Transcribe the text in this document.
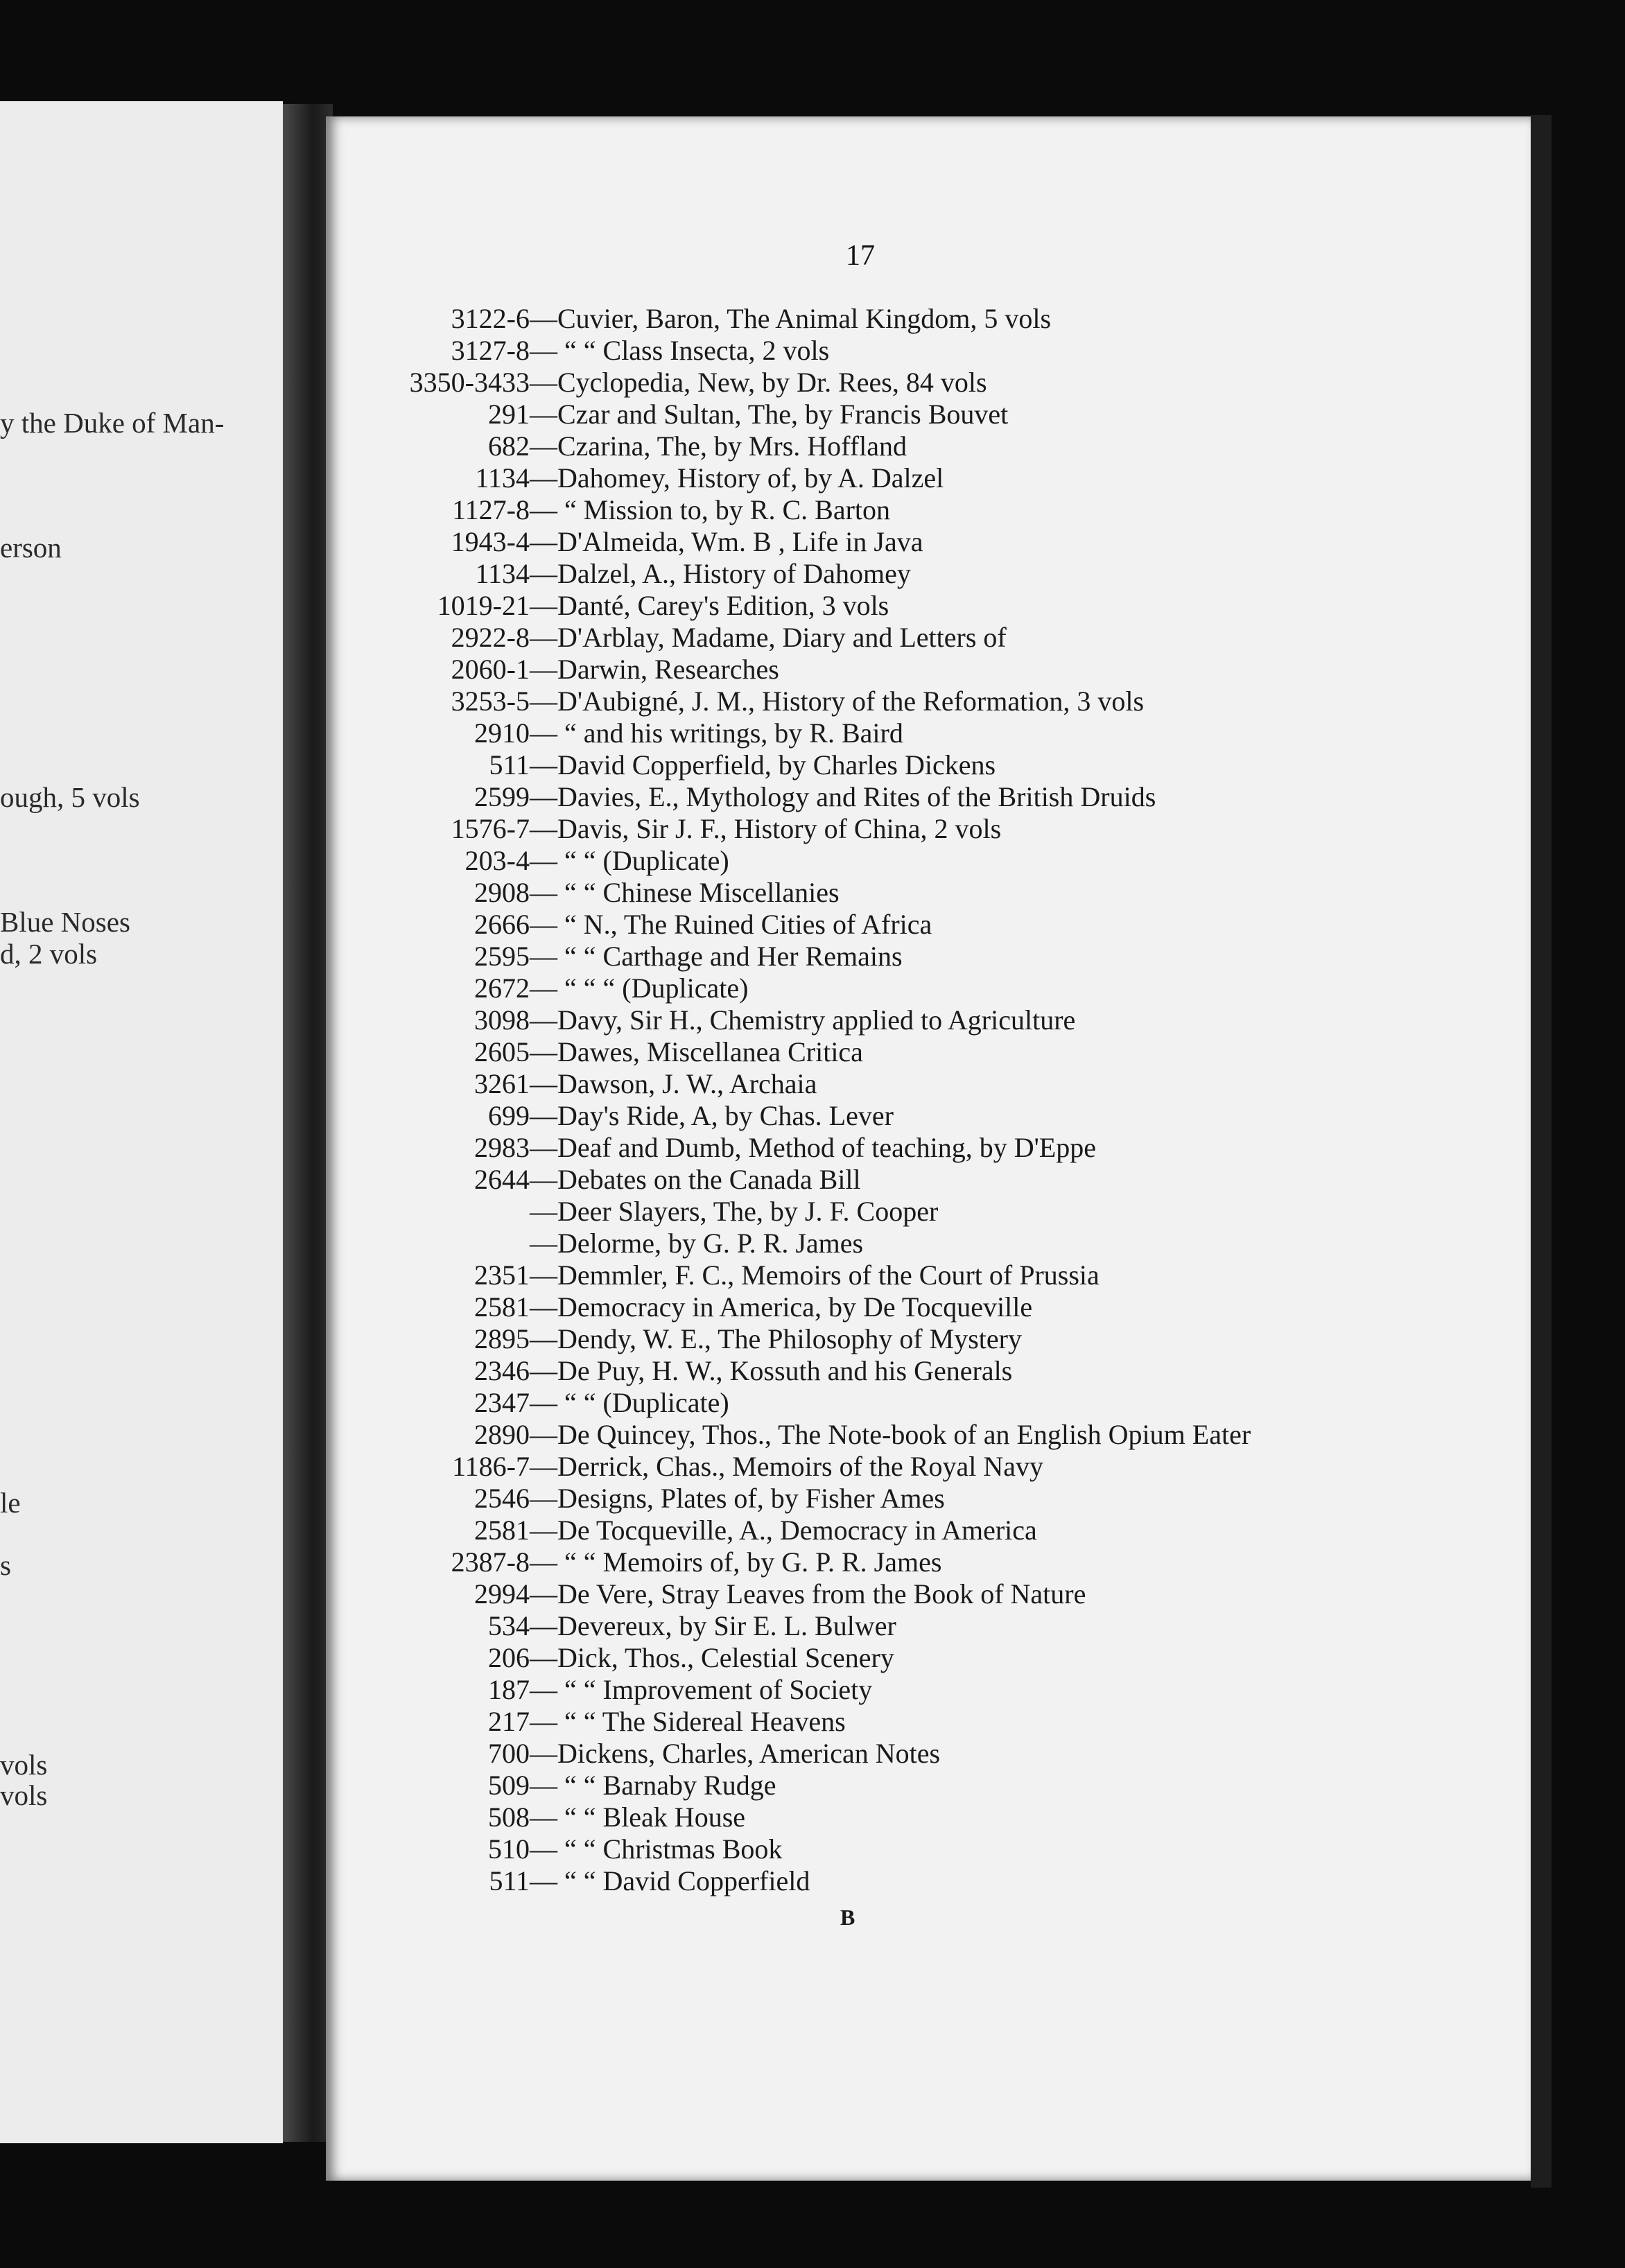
y the Duke of Man-

erson

ough, 5 vols

Blue Noses

d, 2 vols

le

s

vols

vols

17
3122-6 —Cuvier, Baron, The Animal Kingdom, 5 vols
3127-8 — “ “ Class Insecta, 2 vols
3350-3433 —Cyclopedia, New, by Dr. Rees, 84 vols
291 —Czar and Sultan, The, by Francis Bouvet
682 —Czarina, The, by Mrs. Hoffland
1134 —Dahomey, History of, by A. Dalzel
1127-8 — “ Mission to, by R. C. Barton
1943-4 —D'Almeida, Wm. B , Life in Java
1134 —Dalzel, A., History of Dahomey
1019-21 —Danté, Carey's Edition, 3 vols
2922-8 —D'Arblay, Madame, Diary and Letters of
2060-1 —Darwin, Researches
3253-5 —D'Aubigné, J. M., History of the Reformation, 3 vols
2910 — “ and his writings, by R. Baird
511 —David Copperfield, by Charles Dickens
2599 —Davies, E., Mythology and Rites of the British Druids
1576-7 —Davis, Sir J. F., History of China, 2 vols
203-4 — “ “ (Duplicate)
2908 — “ “ Chinese Miscellanies
2666 — “ N., The Ruined Cities of Africa
2595 — “ “ Carthage and Her Remains
2672 — “ “ “ (Duplicate)
3098 —Davy, Sir H., Chemistry applied to Agriculture
2605 —Dawes, Miscellanea Critica
3261 —Dawson, J. W., Archaia
699 —Day's Ride, A, by Chas. Lever
2983 —Deaf and Dumb, Method of teaching, by D'Eppe
2644 —Debates on the Canada Bill
—Deer Slayers, The, by J. F. Cooper
—Delorme, by G. P. R. James
2351 —Demmler, F. C., Memoirs of the Court of Prussia
2581 —Democracy in America, by De Tocqueville
2895 —Dendy, W. E., The Philosophy of Mystery
2346 —De Puy, H. W., Kossuth and his Generals
2347 — “ “ (Duplicate)
2890 —De Quincey, Thos., The Note-book of an English Opium Eater
1186-7 —Derrick, Chas., Memoirs of the Royal Navy
2546 —Designs, Plates of, by Fisher Ames
2581 —De Tocqueville, A., Democracy in America
2387-8 — “ “ Memoirs of, by G. P. R. James
2994 —De Vere, Stray Leaves from the Book of Nature
534 —Devereux, by Sir E. L. Bulwer
206 —Dick, Thos., Celestial Scenery
187 — “ “ Improvement of Society
217 — “ “ The Sidereal Heavens
700 —Dickens, Charles, American Notes
509 — “ “ Barnaby Rudge
508 — “ “ Bleak House
510 — “ “ Christmas Book
511 — “ “ David Copperfield
B
